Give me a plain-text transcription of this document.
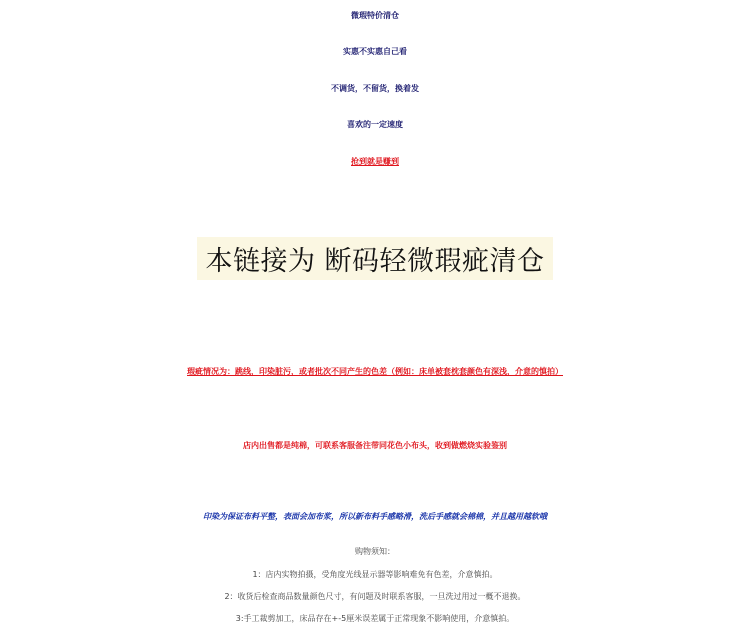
微瑕特价清仓
实惠不实惠自己看
不调货，不留货，换着发
喜欢的一定速度
抢到就是赚到
本链接为 断码轻微瑕疵清仓
瑕疵情况为：跳线，印染脏污，或者批次不同产生的色差（例如：床单被套枕套颜色有深浅，介意的慎拍）
店内出售都是纯棉，可联系客服备注带同花色小布头，收到做燃烧实验鉴别
印染为保证布料平整，表面会加布浆，所以新布料手感略滑，洗后手感就会棉棉，并且越用越软哦
购物须知：
1：店内实物拍摄，受角度光线显示器等影响难免有色差，介意慎拍。
2：收货后检查商品数量颜色尺寸，有问题及时联系客服，一旦洗过用过一概不退换。
3:手工裁剪加工，床品存在+-5厘米误差属于正常现象不影响使用，介意慎拍。
